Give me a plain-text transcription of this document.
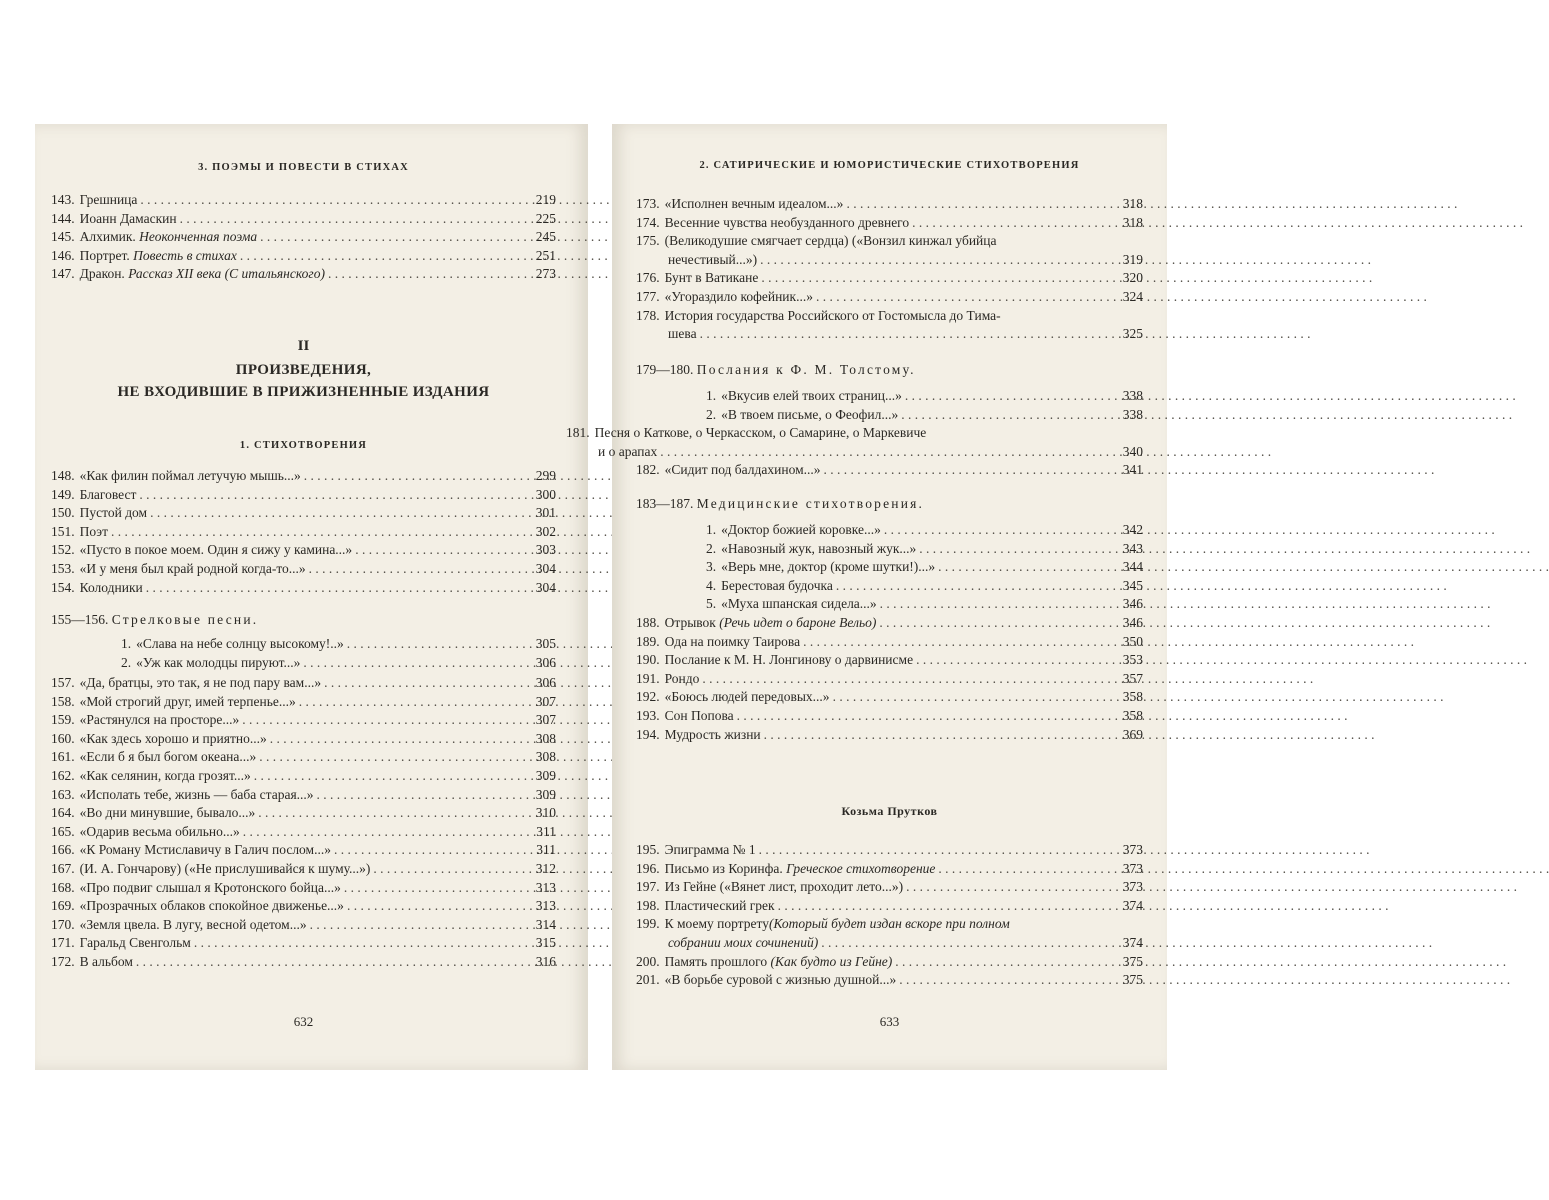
3. ПОЭМЫ И ПОВЕСТИ В СТИХАХ
143. Грешница . . .	219
144. Иоанн Дамаскин . . .	225
145. Алхимик. Неоконченная поэма . . .	245
146. Портрет. Повесть в стихах . . .	251
147. Дракон. Рассказ XII века (С итальянского) . . .	273
II
ПРОИЗВЕДЕНИЯ,
НЕ ВХОДИВШИЕ В ПРИЖИЗНЕННЫЕ ИЗДАНИЯ
1. СТИХОТВОРЕНИЯ
148. «Как филин поймал летучую мышь...» . . .	299
149. Благовест . . .	300
150. Пустой дом . . .	301
151. Поэт . . .	302
152. «Пусто в покое моем. Один я сижу у камина...» . . .	303
153. «И у меня был край родной когда-то...» . . .	304
154. Колодники . . .	304
155—156. Стрелковые песни.
1. «Слава на небе солнцу высокому!..» . . .	305
2. «Уж как молодцы пируют...» . . .	306
157. «Да, братцы, это так, я не под пару вам...» . . .	306
158. «Мой строгий друг, имей терпенье...» . . .	307
159. «Растянулся на просторе...» . . .	307
160. «Как здесь хорошо и приятно...» . . .	308
161. «Если б я был богом океана...» . . .	308
162. «Как селянин, когда грозят...» . . .	309
163. «Исполать тебе, жизнь — баба старая...» . . .	309
164. «Во дни минувшие, бывало...» . . .	310
165. «Одарив весьма обильно...» . . .	311
166. «К Роману Мстиславичу в Галич послом...» . . .	311
167. (И. А. Гончарову) («Не прислушивайся к шуму...») . . .	312
168. «Про подвиг слышал я Кротонского бойца...» . . .	313
169. «Прозрачных облаков спокойное движенье...» . . .	313
170. «Земля цвела. В лугу, весной одетом...» . . .	314
171. Гаральд Свенгольм . . .	315
172. В альбом . . .	316
632
2. САТИРИЧЕСКИЕ И ЮМОРИСТИЧЕСКИЕ СТИХОТВОРЕНИЯ
173. «Исполнен вечным идеалом...» . . .	318
174. Весенние чувства необузданного древнего . . .	318
175. (Великодушие смягчает сердца) («Вонзил кинжал убийца
нечестивый...») . . .	319
176. Бунт в Ватикане . . .	320
177. «Угораздило кофейник...» . . .	324
178. История государства Российского от Гостомысла до Тима-
шева . . .	325
179—180. Послания к Ф. М. Толстому.
1. «Вкусив елей твоих страниц...» . . .	338
2. «В твоем письме, о Феофил...» . . .	338
181. Песня о Каткове, о Черкасском, о Самарине, о Маркевиче
и о арапах . . .	340
182. «Сидит под балдахином...» . . .	341
183—187. Медицинские стихотворения.
1. «Доктор божией коровке...» . . .	342
2. «Навозный жук, навозный жук...» . . .	343
3. «Верь мне, доктор (кроме шутки!)...» . . .	344
4. Берестовая будочка . . .	345
5. «Муха шпанская сидела...» . . .	346
188. Отрывок (Речь идет о бароне Вельо) . . .	346
189. Ода на поимку Таирова . . .	350
190. Послание к М. Н. Лонгинову о дарвинисме . . .	353
191. Рондо . . .	357
192. «Боюсь людей передовых...» . . .	358
193. Сон Попова . . .	358
194. Мудрость жизни . . .	369
Козьма Прутков
195. Эпиграмма № 1 . . .	373
196. Письмо из Коринфа. Греческое стихотворение . . .	373
197. Из Гейне («Вянет лист, проходит лето...») . . .	373
198. Пластический грек . . .	374
199. К моему портрету (Который будет издан вскоре при полном
собрании моих сочинений) . . .	374
200. Память прошлого (Как будто из Гейне) . . .	375
201. «В борьбе суровой с жизнью душной...» . . .	375
633
